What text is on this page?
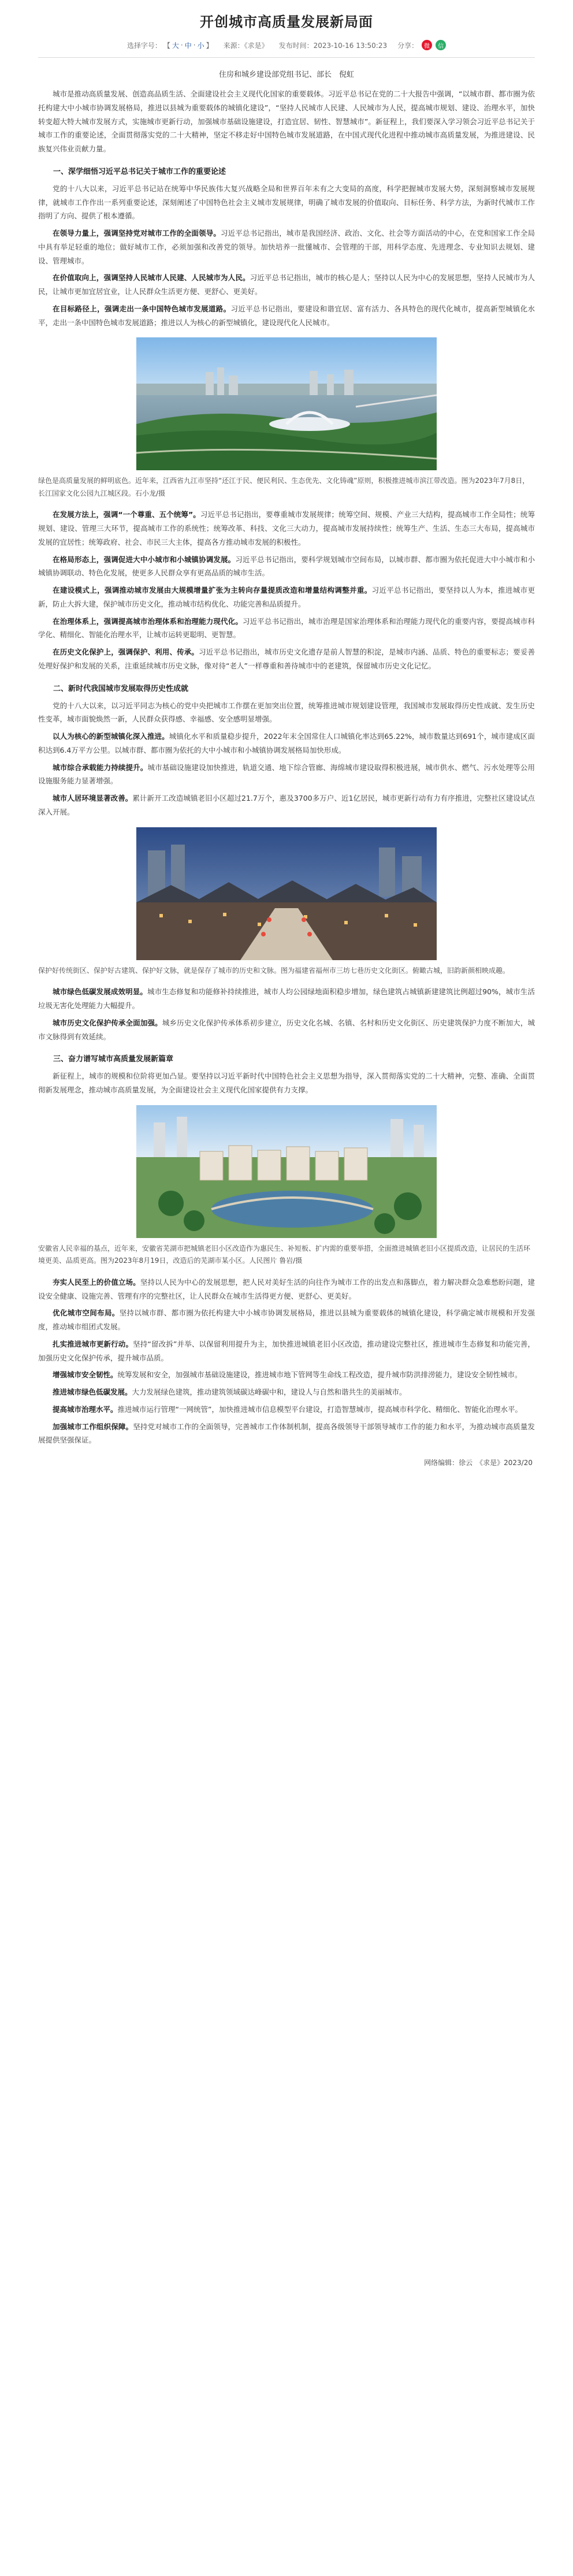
开创城市高质量发展新局面
选择字号： 【 大 · 中 · 小 】 来源：《求是》 发布时间：2023-10-16 13:50:23 分享：	微	信
住房和城乡建设部党组书记、部长　倪虹

城市是推动高质量发展、创造高品质生活、全面建设社会主义现代化国家的重要载体。习近平总书记在党的二十大报告中强调，“以城市群、都市圈为依托构建大中小城市协调发展格局，推进以县城为重要载体的城镇化建设”，“坚持人民城市人民建、人民城市为人民，提高城市规划、建设、治理水平，加快转变超大特大城市发展方式，实施城市更新行动，加强城市基础设施建设，打造宜居、韧性、智慧城市”。新征程上，我们要深入学习领会习近平总书记关于城市工作的重要论述，全面贯彻落实党的二十大精神，坚定不移走好中国特色城市发展道路，在中国式现代化进程中推动城市高质量发展，为推进建设、民族复兴伟业贡献力量。

一、深学细悟习近平总书记关于城市工作的重要论述

党的十八大以来，习近平总书记站在统筹中华民族伟大复兴战略全局和世界百年未有之大变局的高度，科学把握城市发展大势，深刻洞察城市发展规律，就城市工作作出一系列重要论述，深刻阐述了中国特色社会主义城市发展规律，明确了城市发展的价值取向、目标任务、科学方法，为新时代城市工作指明了方向、提供了根本遵循。

在领导力量上，强调坚持党对城市工作的全面领导。习近平总书记指出，城市是我国经济、政治、文化、社会等方面活动的中心，在党和国家工作全局中具有举足轻重的地位；做好城市工作，必须加强和改善党的领导。加快培养一批懂城市、会管理的干部，用科学态度、先进理念、专业知识去规划、建设、管理城市。

在价值取向上，强调坚持人民城市人民建、人民城市为人民。习近平总书记指出，城市的核心是人；坚持以人民为中心的发展思想，坚持人民城市为人民，让城市更加宜居宜业，让人民群众生活更方便、更舒心、更美好。

在目标路径上，强调走出一条中国特色城市发展道路。习近平总书记指出，要建设和谐宜居、富有活力、各具特色的现代化城市，提高新型城镇化水平，走出一条中国特色城市发展道路；推进以人为核心的新型城镇化，建设现代化人民城市。

绿色是高质量发展的鲜明底色。近年来，江西省九江市坚持“还江于民、便民利民、生态优先、文化铸魂”原则，积极推进城市滨江带改造。图为2023年7月8日，长江国家文化公园九江城区段。石小龙/摄

在发展方法上，强调“一个尊重、五个统筹”。习近平总书记指出，要尊重城市发展规律；统筹空间、规模、产业三大结构，提高城市工作全局性；统筹规划、建设、管理三大环节，提高城市工作的系统性；统筹改革、科技、文化三大动力，提高城市发展持续性；统筹生产、生活、生态三大布局，提高城市发展的宜居性；统筹政府、社会、市民三大主体，提高各方推动城市发展的积极性。

在格局形态上，强调促进大中小城市和小城镇协调发展。习近平总书记指出，要科学规划城市空间布局，以城市群、都市圈为依托促进大中小城市和小城镇协调联动、特色化发展，使更多人民群众享有更高品质的城市生活。

在建设模式上，强调推动城市发展由大规模增量扩张为主转向存量提质改造和增量结构调整并重。习近平总书记指出，要坚持以人为本，推进城市更新，防止大拆大建，保护城市历史文化，推动城市结构优化、功能完善和品质提升。

在治理体系上，强调提高城市治理体系和治理能力现代化。习近平总书记指出，城市治理是国家治理体系和治理能力现代化的重要内容，要提高城市科学化、精细化、智能化治理水平，让城市运转更聪明、更智慧。

在历史文化保护上，强调保护、利用、传承。习近平总书记指出，城市历史文化遗存是前人智慧的积淀，是城市内涵、品质、特色的重要标志；要妥善处理好保护和发展的关系，注重延续城市历史文脉，像对待“老人”一样尊重和善待城市中的老建筑，保留城市历史文化记忆。

二、新时代我国城市发展取得历史性成就

党的十八大以来，以习近平同志为核心的党中央把城市工作摆在更加突出位置，统筹推进城市规划建设管理，我国城市发展取得历史性成就、发生历史性变革，城市面貌焕然一新，人民群众获得感、幸福感、安全感明显增强。

以人为核心的新型城镇化深入推进。城镇化水平和质量稳步提升，2022年末全国常住人口城镇化率达到65.22%，城市数量达到691个，城市建成区面积达到6.4万平方公里。以城市群、都市圈为依托的大中小城市和小城镇协调发展格局加快形成。

城市综合承载能力持续提升。城市基础设施建设加快推进，轨道交通、地下综合管廊、海绵城市建设取得积极进展，城市供水、燃气、污水处理等公用设施服务能力显著增强。

城市人居环境显著改善。累计新开工改造城镇老旧小区超过21.7万个，惠及3700多万户、近1亿居民，城市更新行动有力有序推进，完整社区建设试点深入开展。

保护好传统街区、保护好古建筑、保护好文脉，就是保存了城市的历史和文脉。图为福建省福州市三坊七巷历史文化街区。俯瞰古城，旧韵新颜相映成趣。

城市绿色低碳发展成效明显。城市生态修复和功能修补持续推进，城市人均公园绿地面积稳步增加，绿色建筑占城镇新建建筑比例超过90%，城市生活垃圾无害化处理能力大幅提升。

城市历史文化保护传承全面加强。城乡历史文化保护传承体系初步建立，历史文化名城、名镇、名村和历史文化街区、历史建筑保护力度不断加大，城市文脉得到有效延续。

三、奋力谱写城市高质量发展新篇章

新征程上，城市的规模和位阶将更加凸显。要坚持以习近平新时代中国特色社会主义思想为指导，深入贯彻落实党的二十大精神，完整、准确、全面贯彻新发展理念，推动城市高质量发展，为全面建设社会主义现代化国家提供有力支撑。

安徽省人民幸福的基点，近年来，安徽省芜湖市把城镇老旧小区改造作为惠民生、补短板、扩内需的重要举措，全面推进城镇老旧小区提质改造，让居民的生活环境更美、品质更高。图为2023年8月19日，改造后的芜湖市某小区。人民图片 鲁岩/摄

夯实人民至上的价值立场。坚持以人民为中心的发展思想，把人民对美好生活的向往作为城市工作的出发点和落脚点，着力解决群众急难愁盼问题，建设安全健康、设施完善、管理有序的完整社区，让人民群众在城市生活得更方便、更舒心、更美好。

优化城市空间布局。坚持以城市群、都市圈为依托构建大中小城市协调发展格局，推进以县城为重要载体的城镇化建设，科学确定城市规模和开发强度，推动城市组团式发展。

扎实推进城市更新行动。坚持“留改拆”并举、以保留利用提升为主，加快推进城镇老旧小区改造，推动建设完整社区，推进城市生态修复和功能完善，加强历史文化保护传承，提升城市品质。

增强城市安全韧性。统筹发展和安全，加强城市基础设施建设，推进城市地下管网等生命线工程改造，提升城市防洪排涝能力，建设安全韧性城市。

推进城市绿色低碳发展。大力发展绿色建筑，推动建筑领域碳达峰碳中和，建设人与自然和谐共生的美丽城市。

提高城市治理水平。推进城市运行管理“一网统管”，加快推进城市信息模型平台建设，打造智慧城市，提高城市科学化、精细化、智能化治理水平。

加强城市工作组织保障。坚持党对城市工作的全面领导，完善城市工作体制机制，提高各级领导干部领导城市工作的能力和水平，为推动城市高质量发展提供坚强保证。

网络编辑：徐云　《求是》2023/20
